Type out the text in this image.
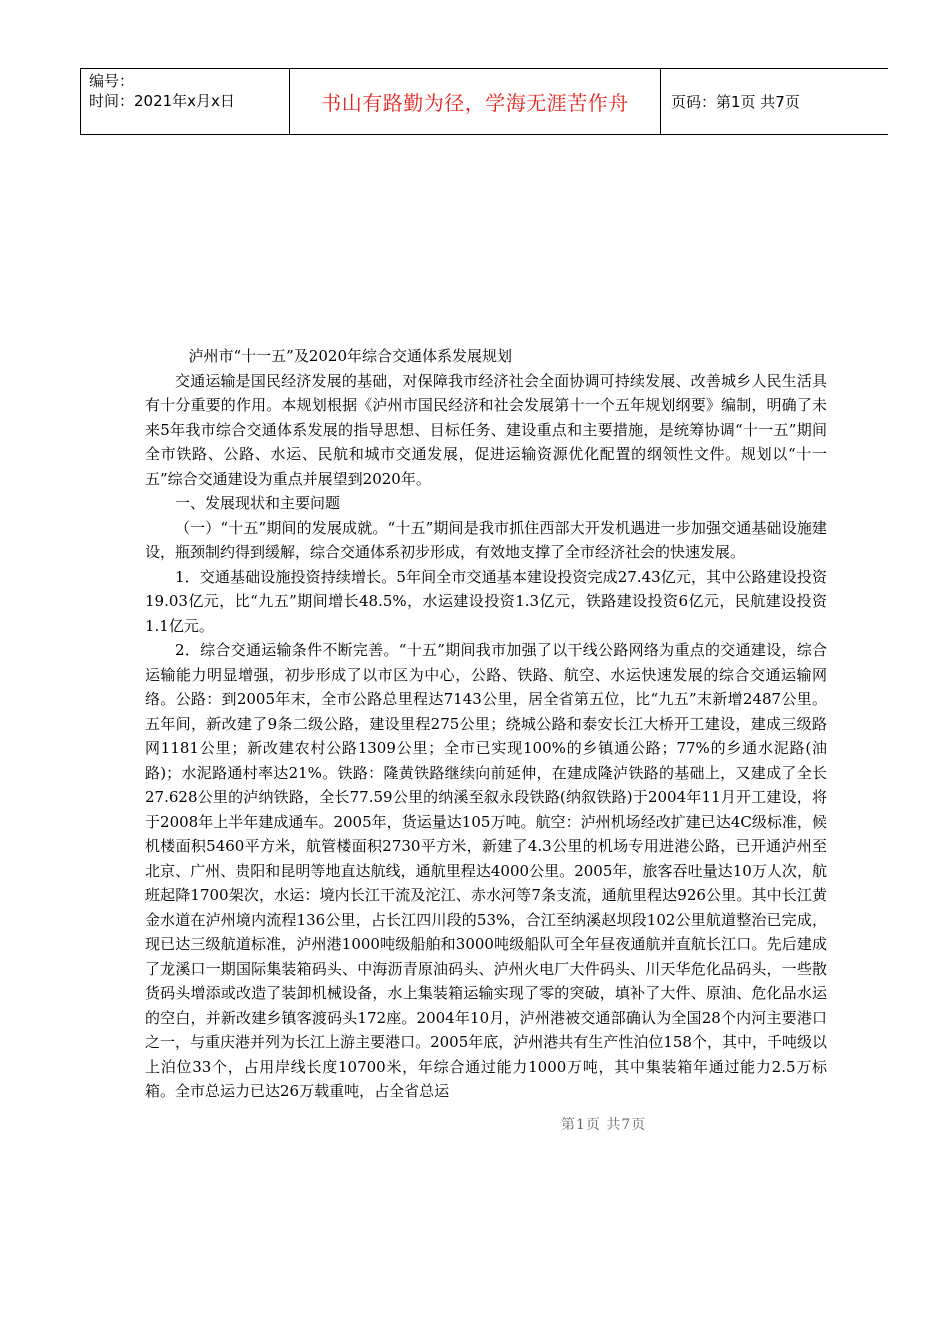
编号：
时间：2021年x月x日	书山有路勤为径，学海无涯苦作舟	页码：第1页 共7页

泸州市“十一五”及2020年综合交通体系发展规划

交通运输是国民经济发展的基础，对保障我市经济社会全面协调可持续发展、改善城乡人民生活具有十分重要的作用。本规划根据《泸州市国民经济和社会发展第十一个五年规划纲要》编制，明确了未来5年我市综合交通体系发展的指导思想、目标任务、建设重点和主要措施，是统筹协调“十一五”期间全市铁路、公路、水运、民航和城市交通发展，促进运输资源优化配置的纲领性文件。规划以“十一五”综合交通建设为重点并展望到2020年。

一、发展现状和主要问题

（一）“十五”期间的发展成就。“十五”期间是我市抓住西部大开发机遇进一步加强交通基础设施建设，瓶颈制约得到缓解，综合交通体系初步形成，有效地支撑了全市经济社会的快速发展。

1．交通基础设施投资持续增长。5年间全市交通基本建设投资完成27.43亿元，其中公路建设投资19.03亿元，比“九五”期间增长48.5%，水运建设投资1.3亿元，铁路建设投资6亿元，民航建设投资1.1亿元。

2．综合交通运输条件不断完善。“十五”期间我市加强了以干线公路网络为重点的交通建设，综合运输能力明显增强，初步形成了以市区为中心，公路、铁路、航空、水运快速发展的综合交通运输网络。公路：到2005年末，全市公路总里程达7143公里，居全省第五位，比“九五”末新增2487公里。五年间，新改建了9条二级公路，建设里程275公里；绕城公路和泰安长江大桥开工建设，建成三级路网1181公里；新改建农村公路1309公里；全市已实现100%的乡镇通公路；77%的乡通水泥路(油路)；水泥路通村率达21%。铁路：隆黄铁路继续向前延伸，在建成隆泸铁路的基础上，又建成了全长27.628公里的泸纳铁路，全长77.59公里的纳溪至叙永段铁路(纳叙铁路)于2004年11月开工建设，将于2008年上半年建成通车。2005年，货运量达105万吨。航空：泸州机场经改扩建已达4C级标准，候机楼面积5460平方米，航管楼面积2730平方米，新建了4.3公里的机场专用进港公路，已开通泸州至北京、广州、贵阳和昆明等地直达航线，通航里程达4000公里。2005年，旅客吞吐量达10万人次，航班起降1700架次，水运：境内长江干流及沱江、赤水河等7条支流，通航里程达926公里。其中长江黄金水道在泸州境内流程136公里，占长江四川段的53%，合江至纳溪赵坝段102公里航道整治已完成，现已达三级航道标准，泸州港1000吨级船舶和3000吨级船队可全年昼夜通航并直航长江口。先后建成了龙溪口一期国际集装箱码头、中海沥青原油码头、泸州火电厂大件码头、川天华危化品码头，一些散货码头增添或改造了装卸机械设备，水上集装箱运输实现了零的突破，填补了大件、原油、危化品水运的空白，并新改建乡镇客渡码头172座。2004年10月，泸州港被交通部确认为全国28个内河主要港口之一，与重庆港并列为长江上游主要港口。2005年底，泸州港共有生产性泊位158个，其中，千吨级以上泊位33个，占用岸线长度10700米，年综合通过能力1000万吨，其中集装箱年通过能力2.5万标箱。全市总运力已达26万载重吨，占全省总运

第1页 共7页
